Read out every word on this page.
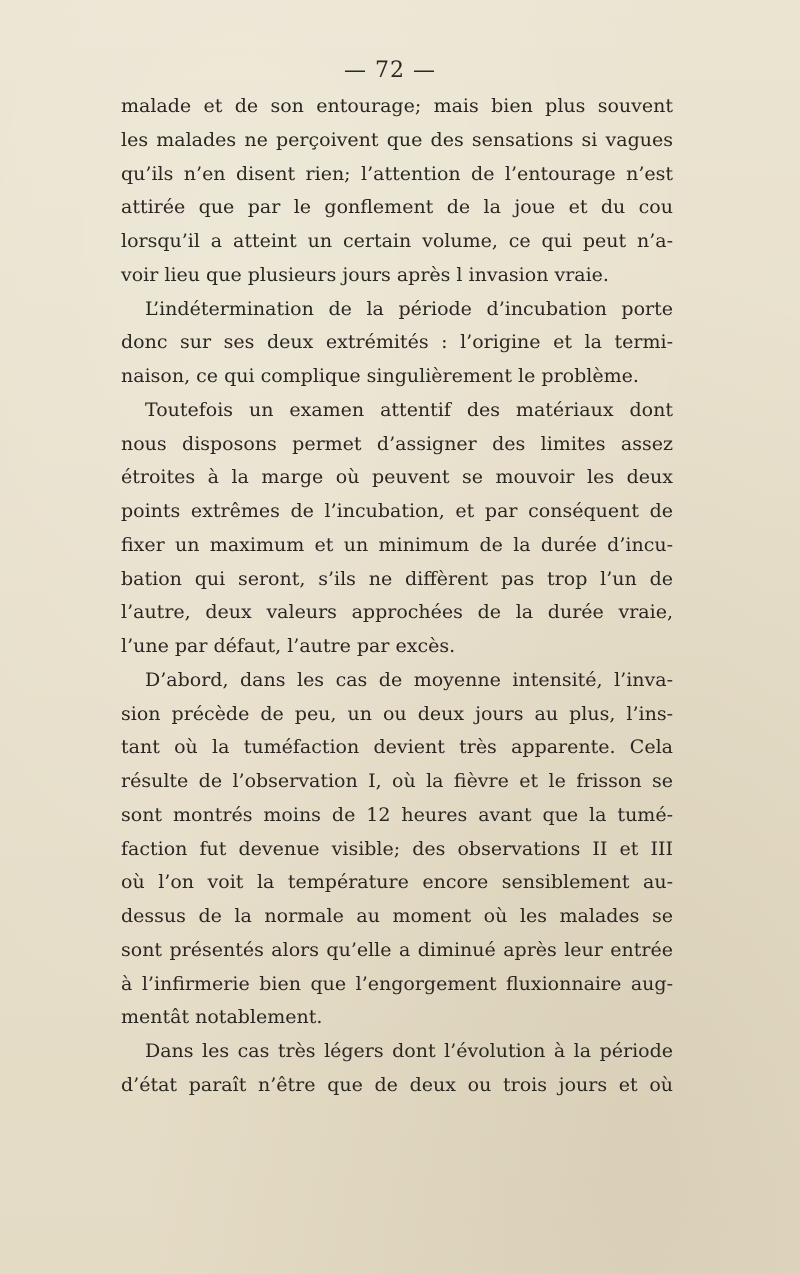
— 72 —
malade et de son entourage; mais bien plus souvent
les malades ne perçoivent que des sensations si vagues
qu’ils n’en disent rien; l’attention de l’entourage n’est
attirée que par le gonflement de la joue et du cou
lorsqu’il a atteint un certain volume, ce qui peut n’a-
voir lieu que plusieurs jours après l invasion vraie.
L’indétermination de la période d’incubation porte
donc sur ses deux extrémités : l’origine et la termi-
naison, ce qui complique singulièrement le problème.
Toutefois un examen attentif des matériaux dont
nous disposons permet d’assigner des limites assez
étroites à la marge où peuvent se mouvoir les deux
points extrêmes de l’incubation, et par conséquent de
fixer un maximum et un minimum de la durée d’incu-
bation qui seront, s’ils ne diffèrent pas trop l’un de
l’autre, deux valeurs approchées de la durée vraie,
l’une par défaut, l’autre par excès.
D’abord, dans les cas de moyenne intensité, l’inva-
sion précède de peu, un ou deux jours au plus, l’ins-
tant où la tuméfaction devient très apparente. Cela
résulte de l’observation I, où la fièvre et le frisson se
sont montrés moins de 12 heures avant que la tumé-
faction fut devenue visible; des observations II et III
où l’on voit la température encore sensiblement au-
dessus de la normale au moment où les malades se
sont présentés alors qu’elle a diminué après leur entrée
à l’infirmerie bien que l’engorgement fluxionnaire aug-
mentât notablement.
Dans les cas très légers dont l’évolution à la période
d’état paraît n’être que de deux ou trois jours et où
